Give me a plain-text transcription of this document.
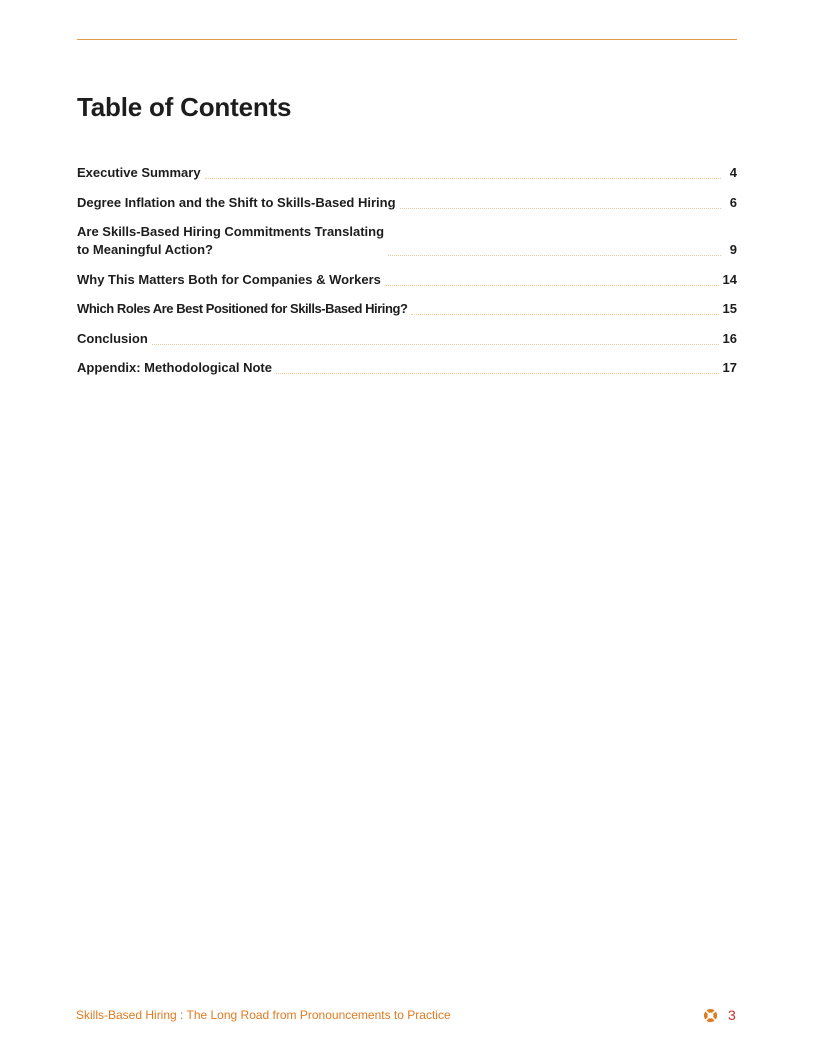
Table of Contents
Executive Summary	4
Degree Inflation and the Shift to Skills-Based Hiring	6
Are Skills-Based Hiring Commitments Translating
to Meaningful Action?	9
Why This Matters Both for Companies & Workers	14
Which Roles Are Best Positioned for Skills-Based Hiring?	15
Conclusion	16
Appendix: Methodological Note	17
Skills-Based Hiring : The Long Road from Pronouncements to Practice	3
